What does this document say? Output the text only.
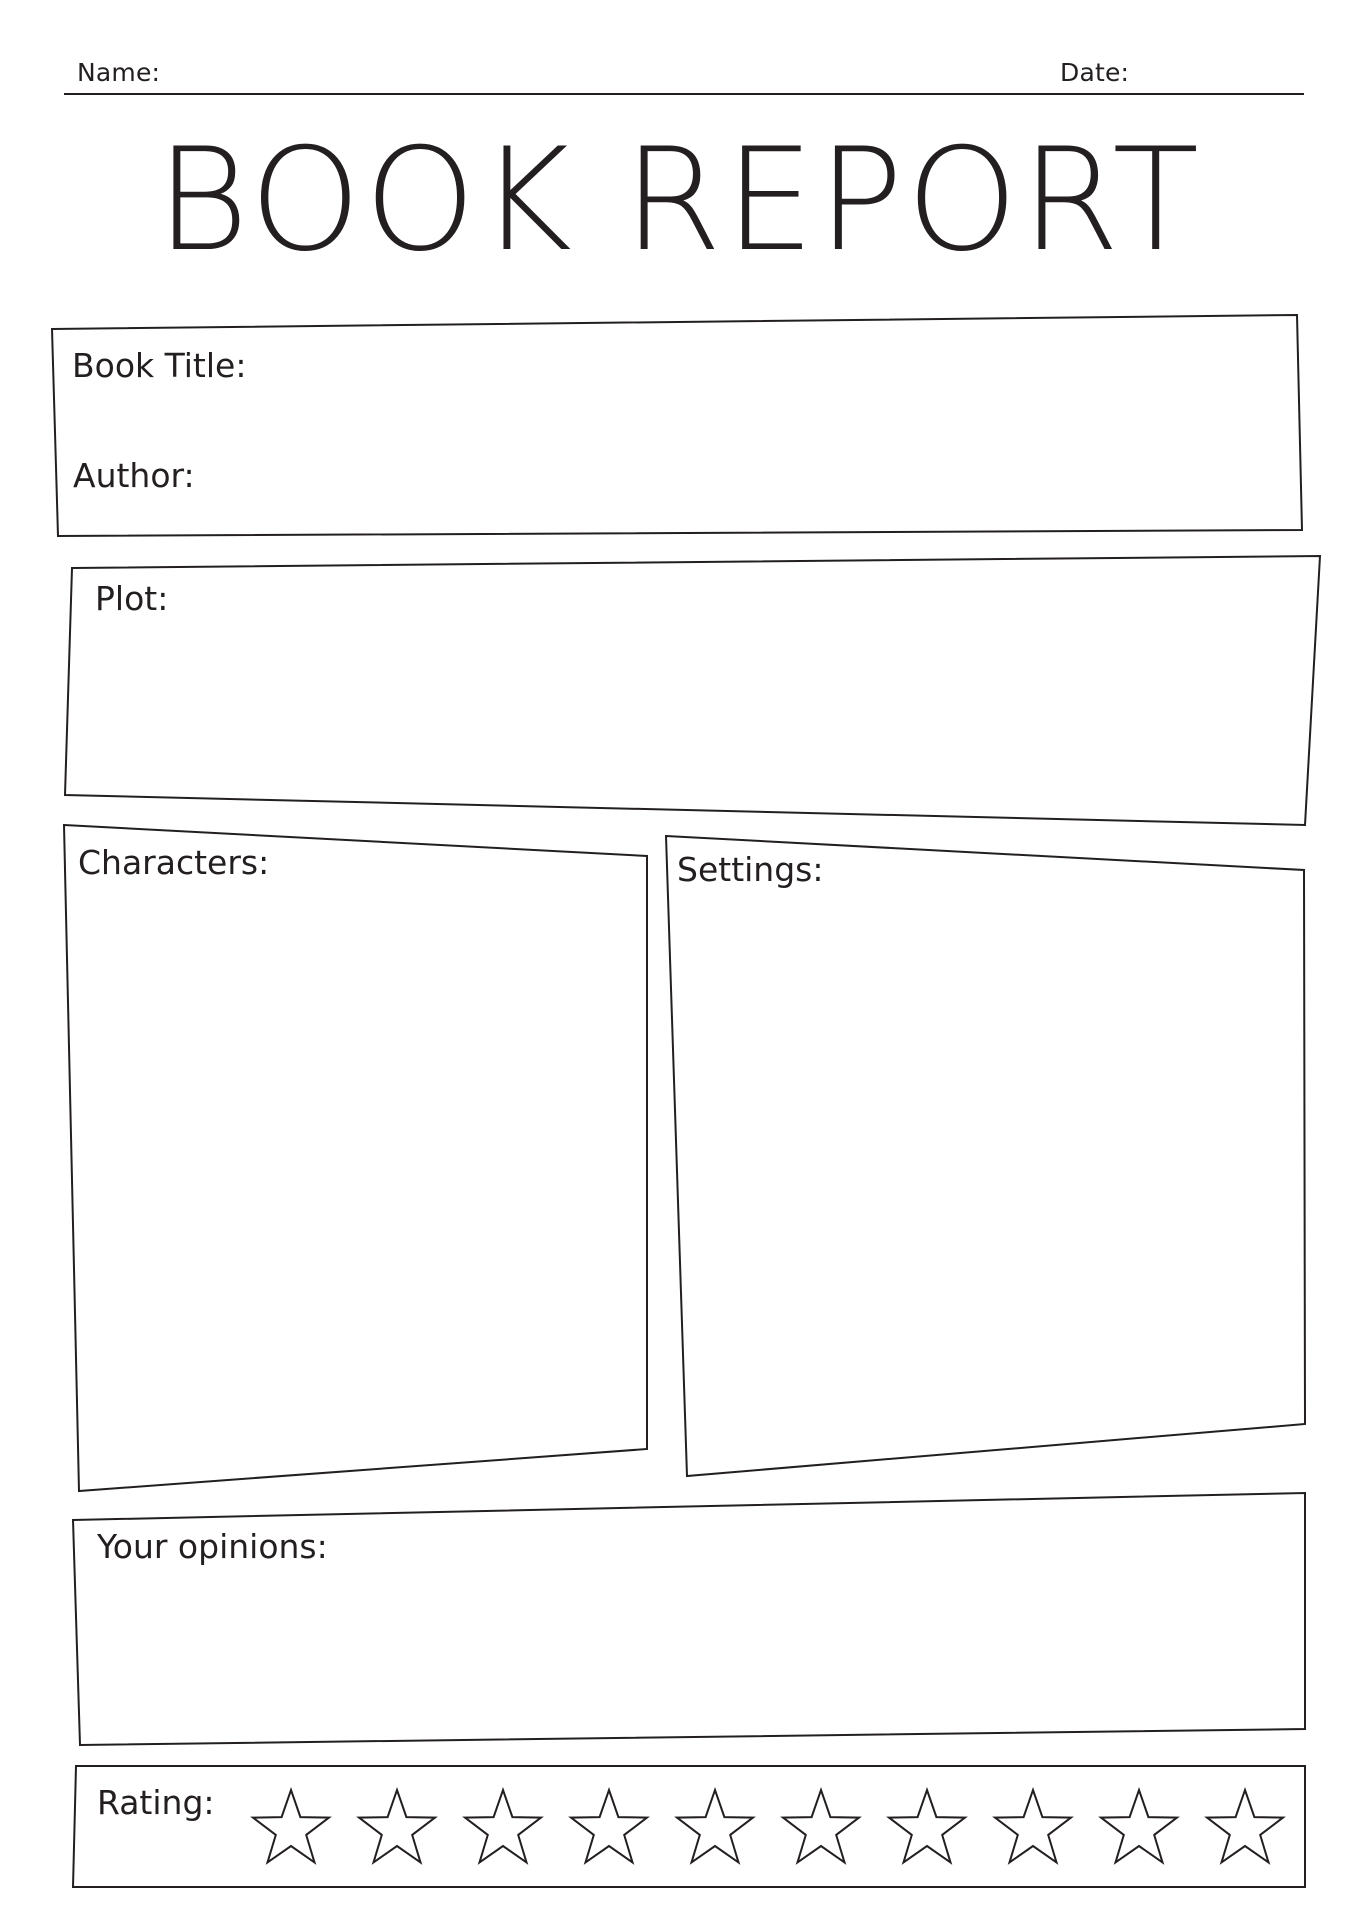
Name:	Date:
BOOK REPORT
Book Title:
Author:
Plot:
Characters:	Settings:
Your opinions:
Rating:
